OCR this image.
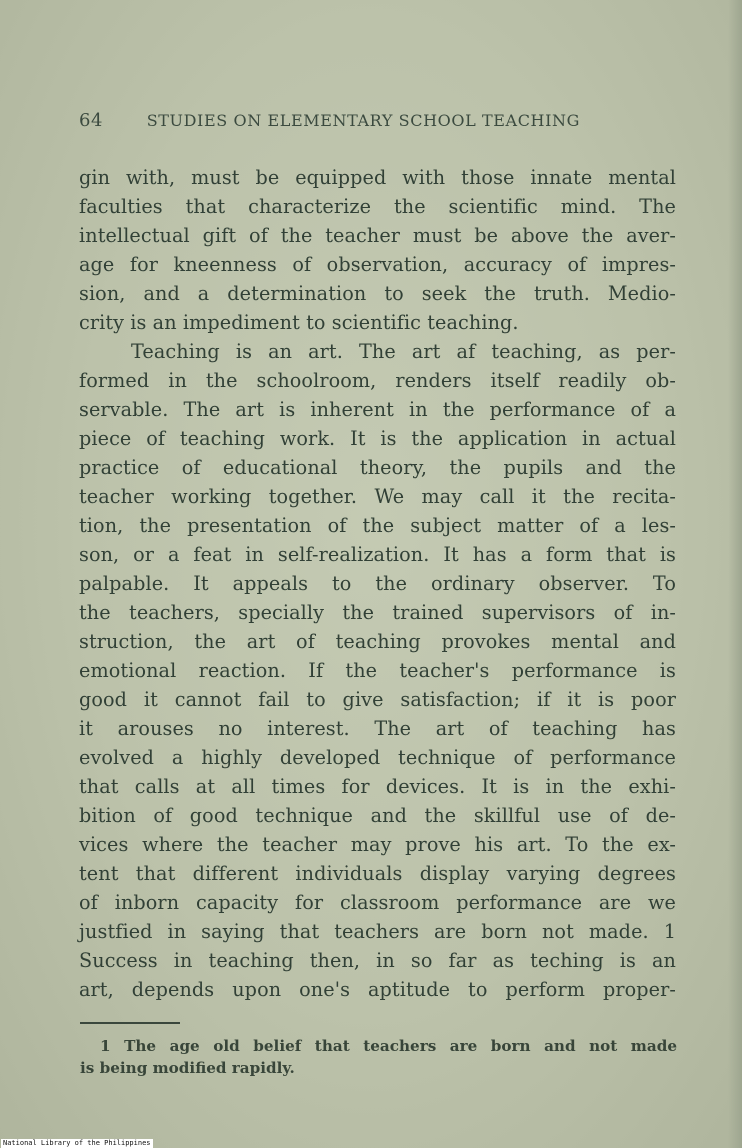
64	STUDIES ON ELEMENTARY SCHOOL TEACHING
gin with, must be equipped with those innate mental
faculties that characterize the scientific mind. The
intellectual gift of the teacher must be above the aver-
age for kneenness of observation, accuracy of impres-
sion, and a determination to seek the truth. Medio-
crity is an impediment to scientific teaching.
Teaching is an art. The art af teaching, as per-
formed in the schoolroom, renders itself readily ob-
servable. The art is inherent in the performance of a
piece of teaching work. It is the application in actual
practice of educational theory, the pupils and the
teacher working together. We may call it the recita-
tion, the presentation of the subject matter of a les-
son, or a feat in self-realization. It has a form that is
palpable. It appeals to the ordinary observer. To
the teachers, specially the trained supervisors of in-
struction, the art of teaching provokes mental and
emotional reaction. If the teacher's performance is
good it cannot fail to give satisfaction; if it is poor
it arouses no interest. The art of teaching has
evolved a highly developed technique of performance
that calls at all times for devices. It is in the exhi-
bition of good technique and the skillful use of de-
vices where the teacher may prove his art. To the ex-
tent that different individuals display varying degrees
of inborn capacity for classroom performance are we
justfied in saying that teachers are born not made. 1
Success in teaching then, in so far as teching is an
art, depends upon one's aptitude to perform proper-
1 The age old belief that teachers are born and not made
is being modified rapidly.
National Library of the Philippines
